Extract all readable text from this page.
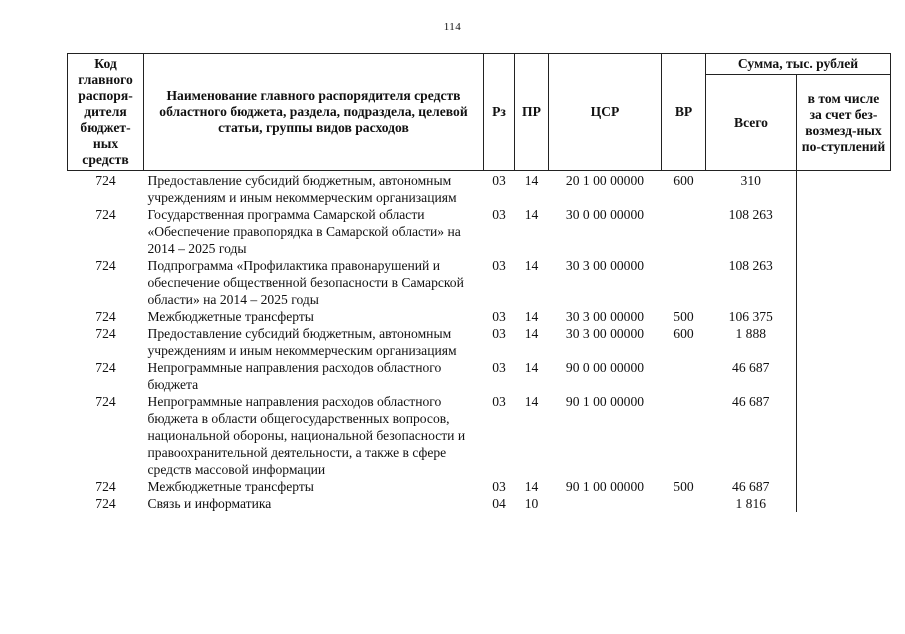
114
Код главного распоря-дителя бюджет-ных средств	Наименование главного распорядителя средств областного бюджета, раздела, подраздела, целевой статьи, группы видов расходов	Рз	ПР	ЦСР	ВР	Сумма, тыс. рублей	
						Всего	в том числе за счет без-возмезд-ных по-ступлений
724	Предоставление субсидий бюджетным, автономным учреждениям и иным некоммерческим организациям	03	14	20 1 00 00000	600	310	
724	Государственная программа Самарской области «Обеспечение правопорядка в Самарской области» на 2014 – 2025 годы	03	14	30 0 00 00000		108 263	
724	Подпрограмма «Профилактика правонарушений и обеспечение общественной безопасности в Самарской области» на 2014 – 2025 годы	03	14	30 3 00 00000		108 263	
724	Межбюджетные трансферты	03	14	30 3 00 00000	500	106 375	
724	Предоставление субсидий бюджетным, автономным учреждениям и иным некоммерческим организациям	03	14	30 3 00 00000	600	1 888	
724	Непрограммные направления расходов областного бюджета	03	14	90 0 00 00000		46 687	
724	Непрограммные направления расходов областного бюджета в области общегосударственных вопросов, национальной обороны, национальной безопасности и правоохранительной деятельности, а также в сфере средств массовой информации	03	14	90 1 00 00000		46 687	
724	Межбюджетные трансферты	03	14	90 1 00 00000	500	46 687	
724	Связь и информатика	04	10			1 816	
